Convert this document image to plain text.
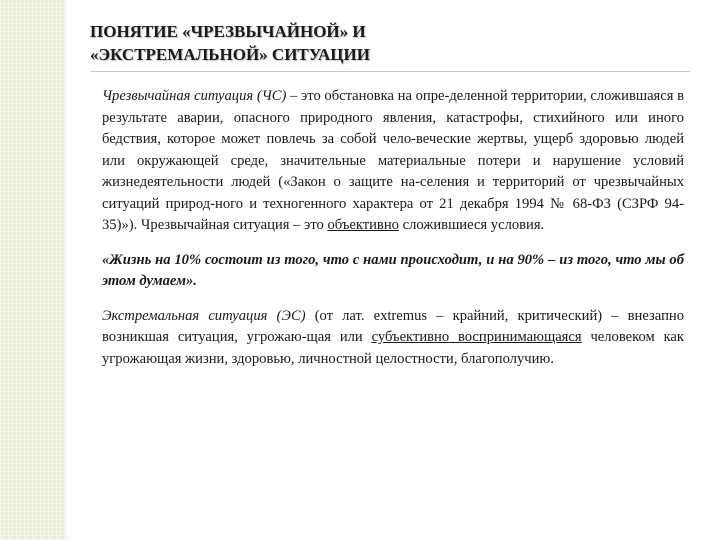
ПОНЯТИЕ «ЧРЕЗВЫЧАЙНОЙ» И
«ЭКСТРЕМАЛЬНОЙ» СИТУАЦИИ

Чрезвычайная ситуация (ЧС) – это обстановка на опре-деленной территории, сложившаяся в результате аварии, опасного природного явления, катастрофы, стихийного или иного бедствия, которое может повлечь за собой чело-веческие жертвы, ущерб здоровью людей или окружающей среде, значительные материальные потери и нарушение условий жизнедеятельности людей («Закон о защите на-селения и территорий от чрезвычайных ситуаций природ-ного и техногенного характера от 21 декабря 1994 № 68-ФЗ (СЗРФ 94-35)»). Чрезвычайная ситуация – это объективно сложившиеся условия.

«Жизнь на 10% состоит из того, что с нами происходит, и на 90% – из того, что мы об этом думаем».

Экстремальная ситуация (ЭС) (от лат. extremus – крайний, критический) – внезапно возникшая ситуация, угрожаю-щая или субъективно воспринимающаяся человеком как угрожающая жизни, здоровью, личностной целостности, благополучию.
